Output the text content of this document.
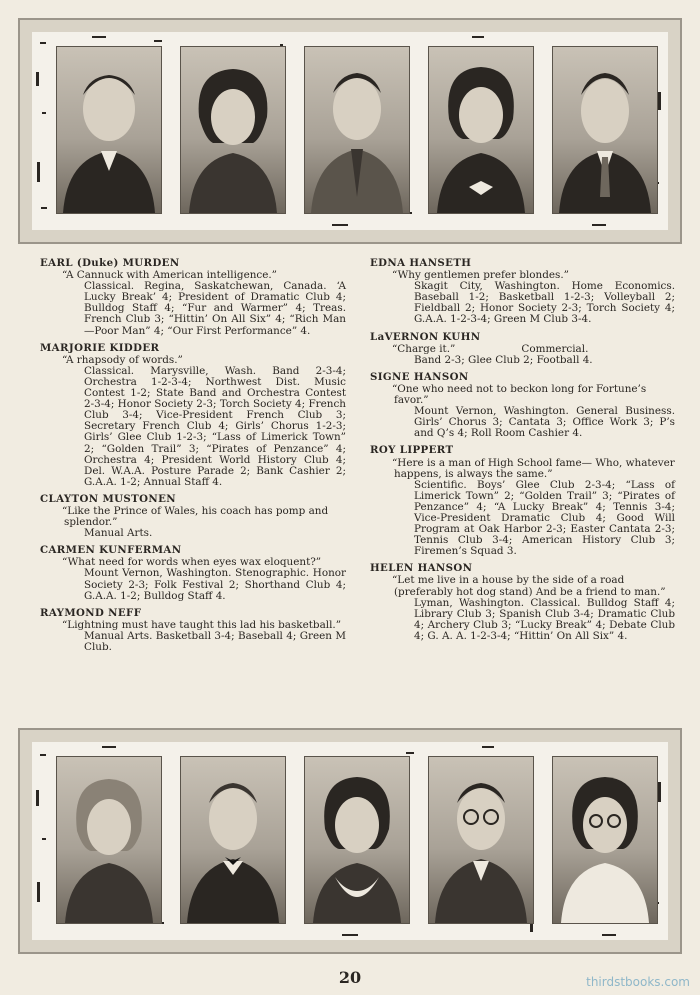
EARL (Duke) MURDEN
“A Cannuck with American intelligence.”
Classical. Regina, Saskatchewan, Canada. ‘A Lucky Break’ 4; President of Dramatic Club 4; Bulldog Staff 4; “Fur and Warmer” 4; Treas. French Club 3; “Hittin’ On All Six” 4; “Rich Man—Poor Man” 4; “Our First Performance” 4.
MARJORIE KIDDER
“A rhapsody of words.”
Classical. Marysville, Wash. Band 2-3-4; Orchestra 1-2-3-4; Northwest Dist. Music Contest 1-2; State Band and Orchestra Contest 2-3-4; Honor Society 2-3; Torch Society 4; French Club 3-4; Vice-President French Club 3; Secretary French Club 4; Girls’ Chorus 1-2-3; Girls’ Glee Club 1-2-3; “Lass of Limerick Town” 2; “Golden Trail” 3; “Pirates of Penzance” 4; Orchestra 4; President World History Club 4; Del. W.A.A. Posture Parade 2; Bank Cashier 2; G.A.A. 1-2; Annual Staff 4.
CLAYTON MUSTONEN
“Like the Prince of Wales, his coach has pomp and splendor.”
Manual Arts.
CARMEN KUNFERMAN
“What need for words when eyes wax eloquent?”
Mount Vernon, Washington. Stenographic. Honor Society 2-3; Folk Festival 2; Shorthand Club 4; G.A.A. 1-2; Bulldog Staff 4.
RAYMOND NEFF
“Lightning must have taught this lad his basketball.”
Manual Arts. Basketball 3-4; Baseball 4; Green M Club.
EDNA HANSETH
“Why gentlemen prefer blondes.”
Skagit City, Washington. Home Economics. Baseball 1-2; Basketball 1-2-3; Volleyball 2; Fieldball 2; Honor Society 2-3; Torch Society 4; G.A.A. 1-2-3-4; Green M Club 3-4.
LaVERNON KUHN
“Charge it.”                    Commercial.
Band 2-3; Glee Club 2; Football 4.
SIGNE HANSON
“One who need not to beckon long for Fortune’s favor.”
Mount Vernon, Washington. General Business. Girls’ Chorus 3; Cantata 3; Office Work 3; P’s and Q’s 4; Roll Room Cashier 4.
ROY LIPPERT
“Here is a man of High School fame— Who, whatever happens, is always the same.”
Scientific. Boys’ Glee Club 2-3-4; “Lass of Limerick Town” 2; “Golden Trail” 3; “Pirates of Penzance” 4; “A Lucky Break” 4; Tennis 3-4; Vice-President Dramatic Club 4; Good Will Program at Oak Harbor 2-3; Easter Cantata 2-3; Tennis Club 3-4; American History Club 3; Firemen’s Squad 3.
HELEN HANSON
“Let me live in a house by the side of a road (preferably hot dog stand) And be a friend to man.”
Lyman, Washington. Classical. Bulldog Staff 4; Library Club 3; Spanish Club 3-4; Dramatic Club 4; Archery Club 3; “Lucky Break” 4; Debate Club 4; G. A. A. 1-2-3-4; “Hittin’ On All Six” 4.
20	thirdstbooks.com
